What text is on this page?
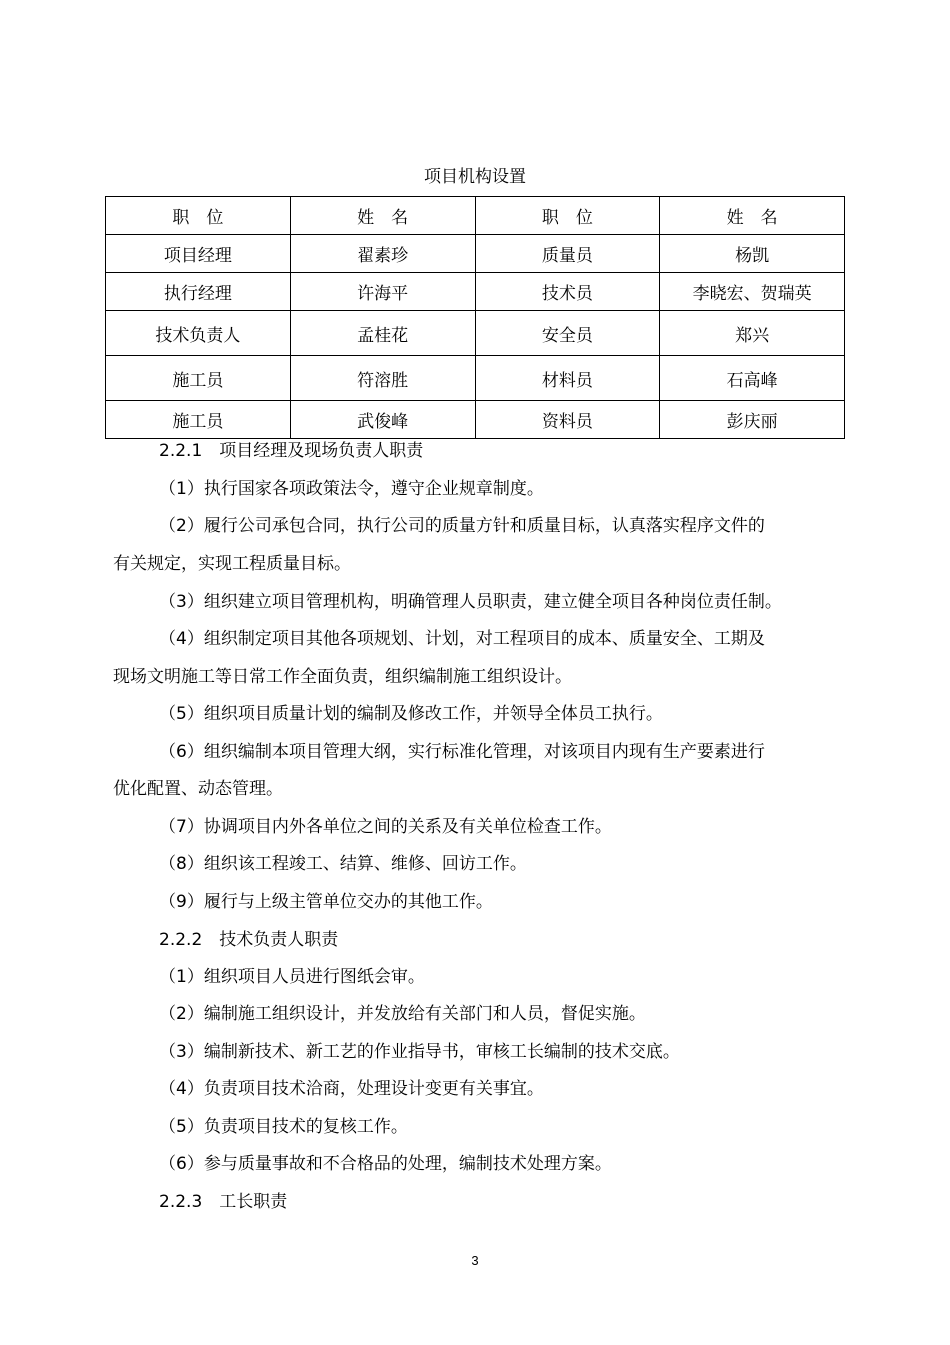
项目机构设置
职　位	姓　名	职　位	姓　名
项目经理	翟素珍	质量员	杨凯
执行经理	许海平	技术员	李晓宏、贺瑞英
技术负责人	孟桂花	安全员	郑兴
施工员	符溶胜	材料员	石高峰
施工员	武俊峰	资料员	彭庆丽
2.2.1　项目经理及现场负责人职责
（1）执行国家各项政策法令，遵守企业规章制度。
（2）履行公司承包合同，执行公司的质量方针和质量目标，认真落实程序文件的
有关规定，实现工程质量目标。
（3）组织建立项目管理机构，明确管理人员职责，建立健全项目各种岗位责任制。
（4）组织制定项目其他各项规划、计划，对工程项目的成本、质量安全、工期及
现场文明施工等日常工作全面负责，组织编制施工组织设计。
（5）组织项目质量计划的编制及修改工作，并领导全体员工执行。
（6）组织编制本项目管理大纲，实行标准化管理，对该项目内现有生产要素进行
优化配置、动态管理。
（7）协调项目内外各单位之间的关系及有关单位检查工作。
（8）组织该工程竣工、结算、维修、回访工作。
（9）履行与上级主管单位交办的其他工作。
2.2.2　技术负责人职责
（1）组织项目人员进行图纸会审。
（2）编制施工组织设计，并发放给有关部门和人员，督促实施。
（3）编制新技术、新工艺的作业指导书，审核工长编制的技术交底。
（4）负责项目技术洽商，处理设计变更有关事宜。
（5）负责项目技术的复核工作。
（6）参与质量事故和不合格品的处理，编制技术处理方案。
2.2.3　工长职责
3
